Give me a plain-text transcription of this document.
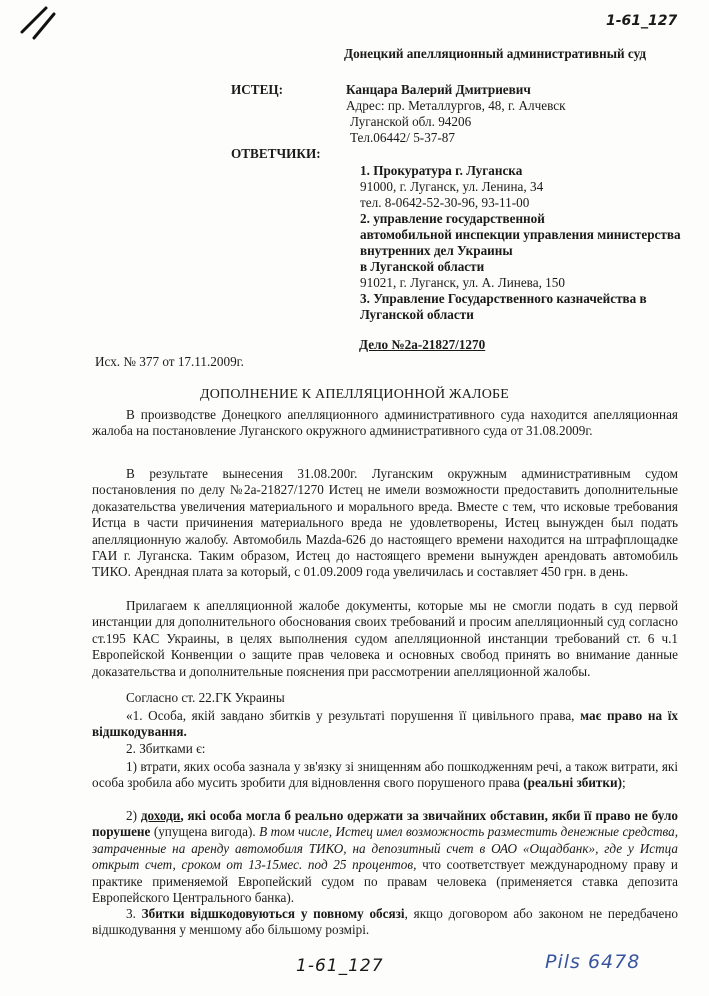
1-61_127
Донецкий апелляционный административный суд
ИСТЕЦ:	Канцара Валерий Дмитриевич
Адрес: пр. Металлургов, 48, г. Алчевск
Луганской обл. 94206
Тел.06442/ 5-37-87
ОТВЕТЧИКИ:
1. Прокуратура г. Луганска
91000, г. Луганск, ул. Ленина, 34
тел. 8-0642-52-30-96, 93-11-00
2. управление государственной
автомобильной инспекции управления министерства
внутренних дел Украины
в Луганской области
91021, г. Луганск, ул. А. Линева, 150
3. Управление Государственного казначейства в
Луганской области
Дело №2а-21827/1270
Исх. № 377 от 17.11.2009г.
ДОПОЛНЕНИЕ К АПЕЛЛЯЦИОННОЙ ЖАЛОБЕ

В производстве Донецкого апелляционного административного суда находится апелляционная жалоба на постановление Луганского окружного административного суда от 31.08.2009г.

В результате вынесения 31.08.200г. Луганским окружным административным судом постановления по делу №2а-21827/1270 Истец не имели возможности предоставить дополнительные доказательства увеличения материального и морального вреда. Вместе с тем, что исковые требования Истца в части причинения материального вреда не удовлетворены, Истец вынужден был подать апелляционную жалобу. Автомобиль Mazda-626 до настоящего времени находится на штрафплощадке ГАИ г. Луганска. Таким образом, Истец до настоящего времени вынужден арендовать автомобиль ТИКО. Арендная плата за который, с 01.09.2009 года увеличилась и составляет 450 грн. в день.

Прилагаем к апелляционной жалобе документы, которые мы не смогли подать в суд первой инстанции для дополнительного обоснования своих требований и просим апелляционный суд согласно ст.195 КАС Украины, в целях выполнения судом апелляционной инстанции требований ст. 6 ч.1 Европейской Конвенции о защите прав человека и основных свобод принять во внимание данные доказательства и дополнительные пояснения при рассмотрении апелляционной жалобы.

Согласно ст. 22.ГК Украины

«1. Особа, якій завдано збитків у результаті порушення її цивільного права, має право на їх відшкодування.

2. Збитками є:

1) втрати, яких особа зазнала у зв'язку зі знищенням або пошкодженням речі, а також витрати, які особа зробила або мусить зробити для відновлення свого порушеного права (реальні збитки);

2) доходи, які особа могла б реально одержати за звичайних обставин, якби її право не було порушене (упущена вигода). В том числе, Истец имел возможность разместить денежные средства, затраченные на аренду автомобиля ТИКО, на депозитный счет в ОАО «Ощадбанк», где у Истца открыт счет, сроком от 13-15мес. под 25 процентов, что соответствует международному праву и практике применяемой Европейский судом по правам человека (применяется ставка депозита Европейского Центрального банка).

3. Збитки відшкодовуються у повному обсязі, якщо договором або законом не передбачено відшкодування у меншому або більшому розмірі.

1-61_127	Pils 6478
